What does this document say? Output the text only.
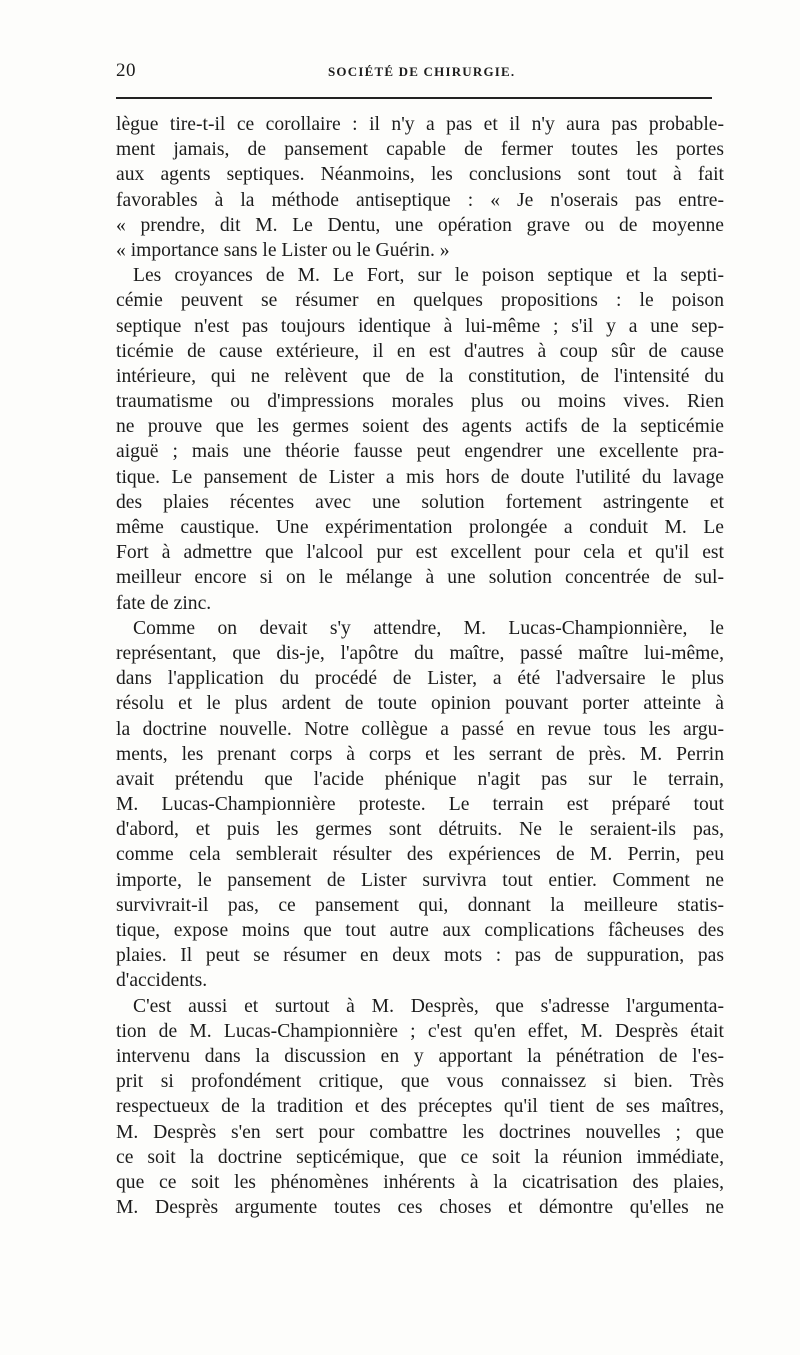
20	SOCIÉTÉ DE CHIRURGIE.
lègue tire-t-il ce corollaire : il n'y a pas et il n'y aura pas probable-
ment jamais, de pansement capable de fermer toutes les portes
aux agents septiques. Néanmoins, les conclusions sont tout à fait
favorables à la méthode antiseptique : « Je n'oserais pas entre-
« prendre, dit M. Le Dentu, une opération grave ou de moyenne
« importance sans le Lister ou le Guérin. »
Les croyances de M. Le Fort, sur le poison septique et la septi-
cémie peuvent se résumer en quelques propositions : le poison
septique n'est pas toujours identique à lui-même ; s'il y a une sep-
ticémie de cause extérieure, il en est d'autres à coup sûr de cause
intérieure, qui ne relèvent que de la constitution, de l'intensité du
traumatisme ou d'impressions morales plus ou moins vives. Rien
ne prouve que les germes soient des agents actifs de la septicémie
aiguë ; mais une théorie fausse peut engendrer une excellente pra-
tique. Le pansement de Lister a mis hors de doute l'utilité du lavage
des plaies récentes avec une solution fortement astringente et
même caustique. Une expérimentation prolongée a conduit M. Le
Fort à admettre que l'alcool pur est excellent pour cela et qu'il est
meilleur encore si on le mélange à une solution concentrée de sul-
fate de zinc.
Comme on devait s'y attendre, M. Lucas-Championnière, le
représentant, que dis-je, l'apôtre du maître, passé maître lui-même,
dans l'application du procédé de Lister, a été l'adversaire le plus
résolu et le plus ardent de toute opinion pouvant porter atteinte à
la doctrine nouvelle. Notre collègue a passé en revue tous les argu-
ments, les prenant corps à corps et les serrant de près. M. Perrin
avait prétendu que l'acide phénique n'agit pas sur le terrain,
M. Lucas-Championnière proteste. Le terrain est préparé tout
d'abord, et puis les germes sont détruits. Ne le seraient-ils pas,
comme cela semblerait résulter des expériences de M. Perrin, peu
importe, le pansement de Lister survivra tout entier. Comment ne
survivrait-il pas, ce pansement qui, donnant la meilleure statis-
tique, expose moins que tout autre aux complications fâcheuses des
plaies. Il peut se résumer en deux mots : pas de suppuration, pas
d'accidents.
C'est aussi et surtout à M. Desprès, que s'adresse l'argumenta-
tion de M. Lucas-Championnière ; c'est qu'en effet, M. Desprès était
intervenu dans la discussion en y apportant la pénétration de l'es-
prit si profondément critique, que vous connaissez si bien. Très
respectueux de la tradition et des préceptes qu'il tient de ses maîtres,
M. Desprès s'en sert pour combattre les doctrines nouvelles ; que
ce soit la doctrine septicémique, que ce soit la réunion immédiate,
que ce soit les phénomènes inhérents à la cicatrisation des plaies,
M. Desprès argumente toutes ces choses et démontre qu'elles ne
